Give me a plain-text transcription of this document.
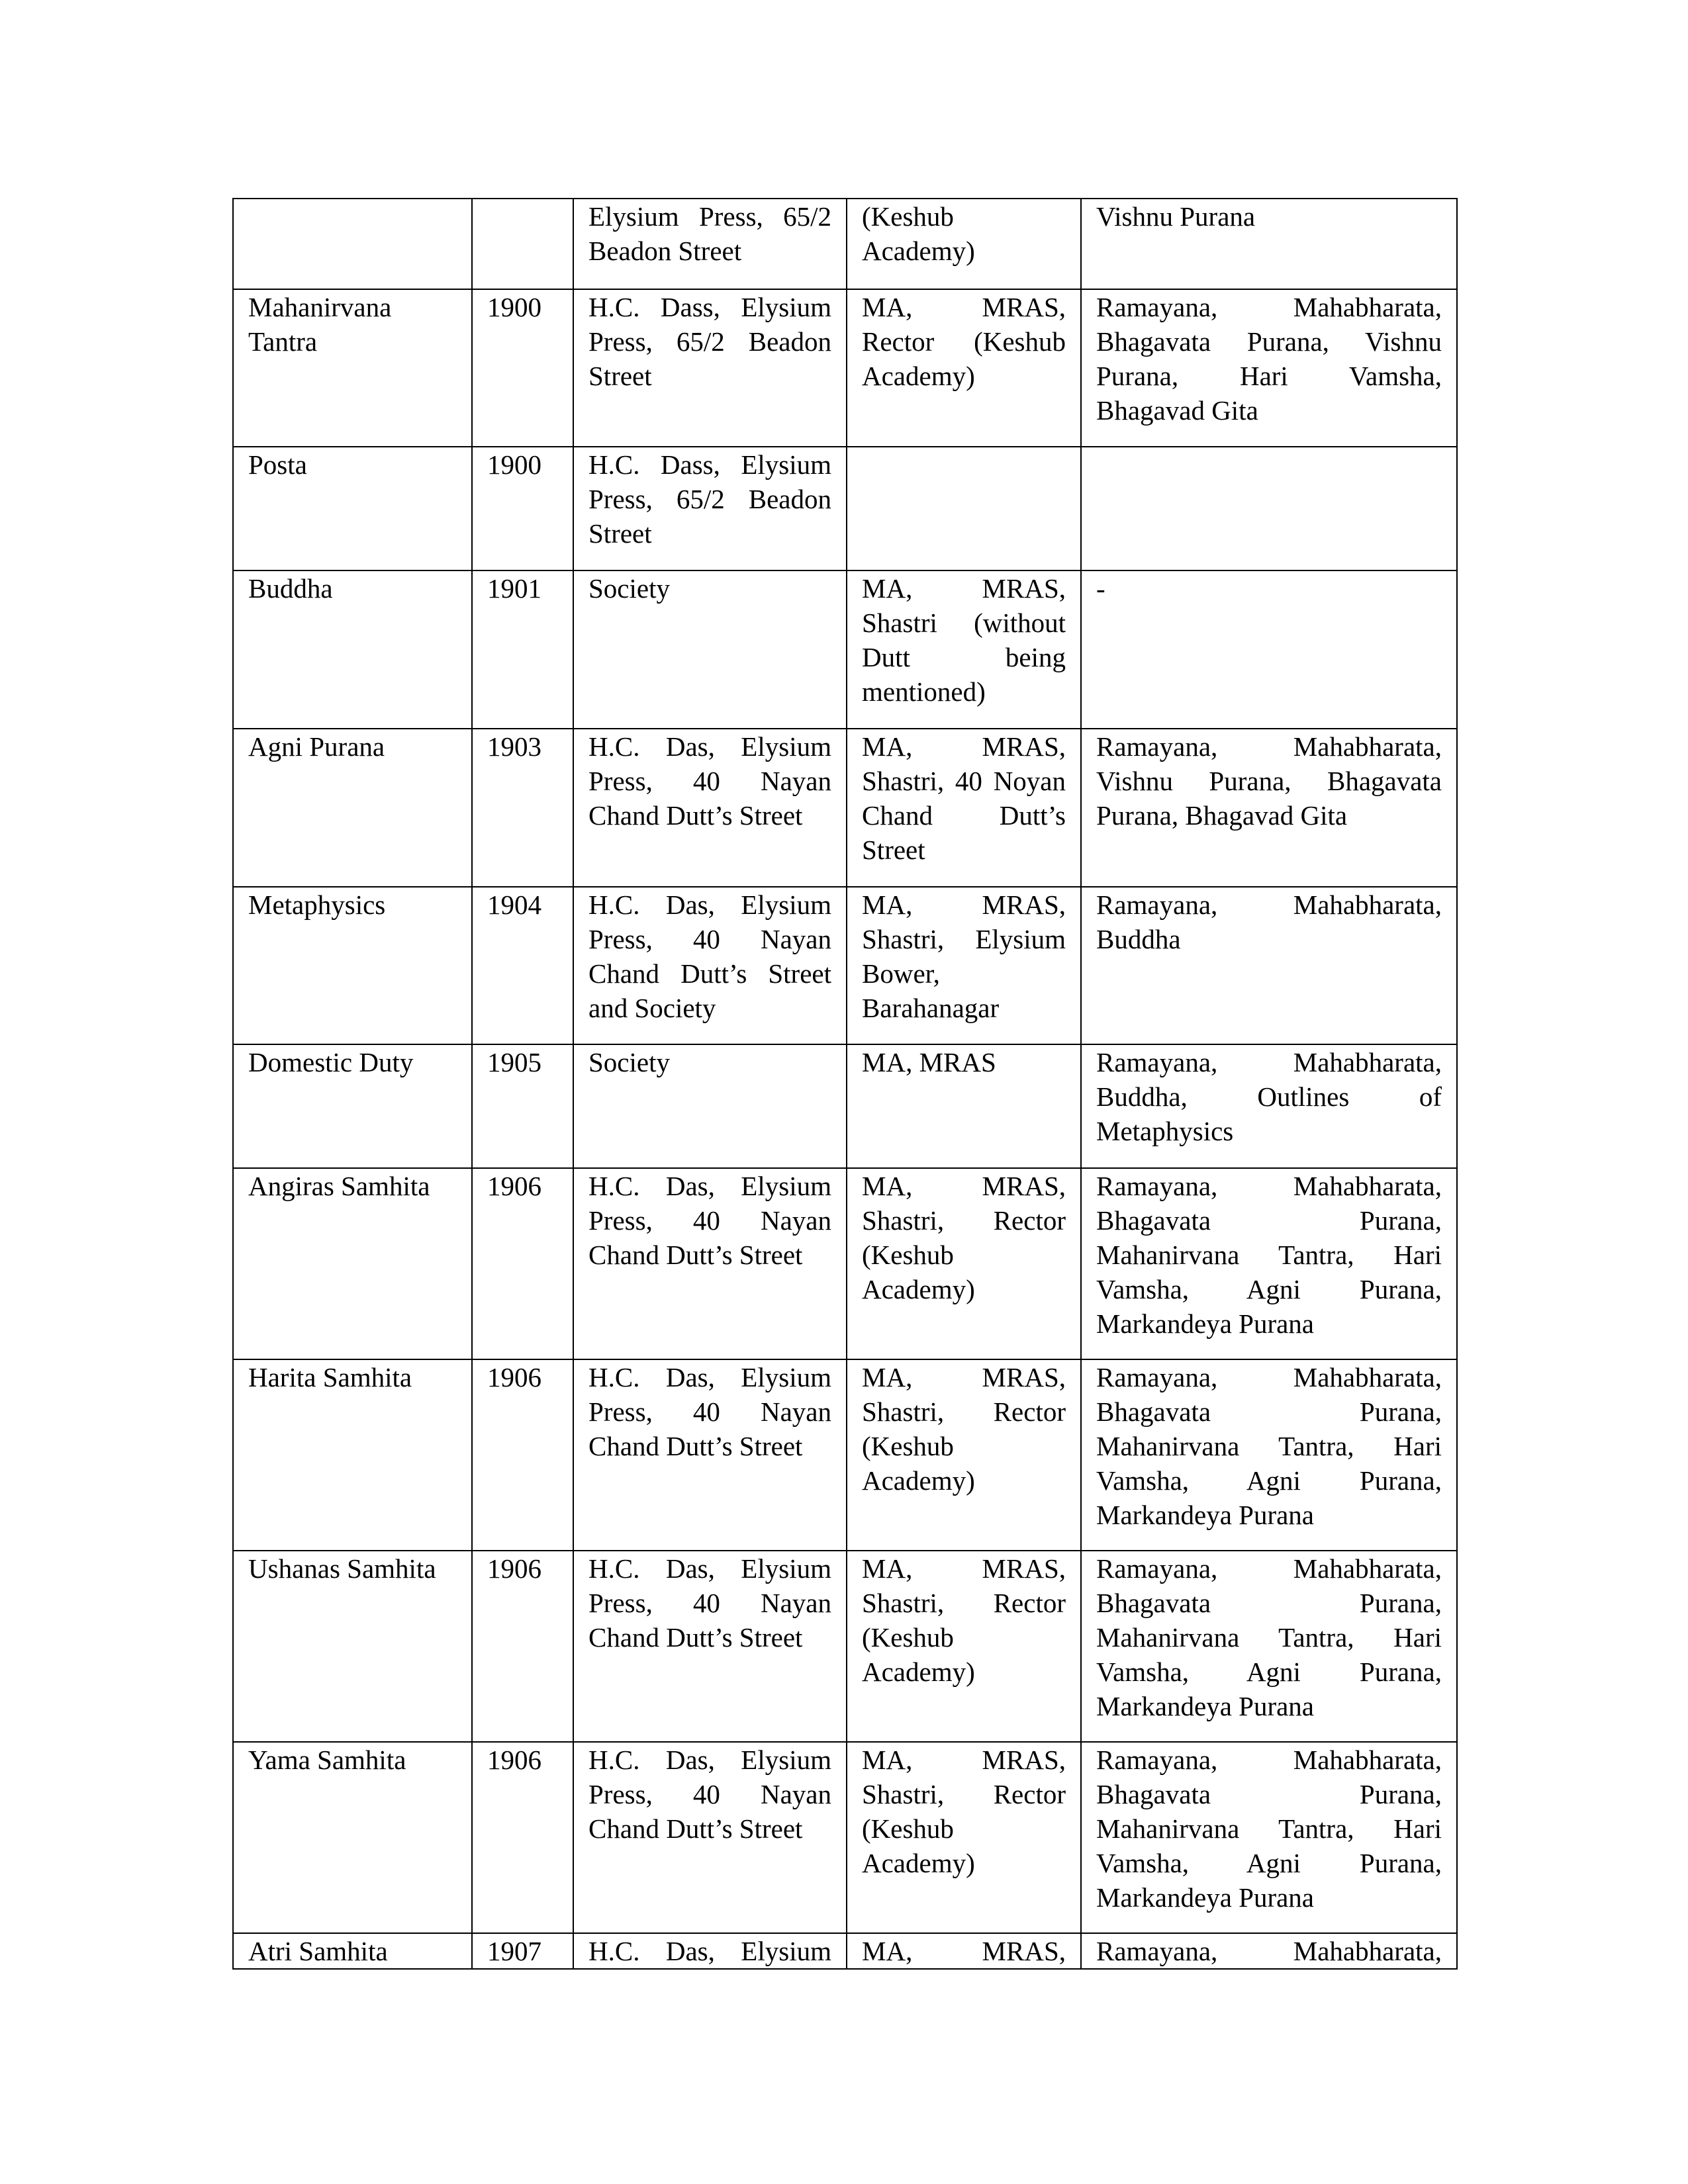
		Elysium Press, 65/2 Beadon Street	(Keshub Academy)	Vishnu Purana
Mahanirvana Tantra	1900	H.C. Dass, Elysium Press, 65/2 Beadon Street	MA, MRAS, Rector (Keshub Academy)	Ramayana, Mahabharata, Bhagavata Purana, Vishnu Purana, Hari Vamsha, Bhagavad Gita
Posta	1900	H.C. Dass, Elysium Press, 65/2 Beadon Street		
Buddha	1901	Society	MA, MRAS, Shastri (without Dutt being mentioned)	-
Agni Purana	1903	H.C. Das, Elysium Press, 40 Nayan Chand Dutt’s Street	MA, MRAS, Shastri, 40 Noyan Chand Dutt’s Street	Ramayana, Mahabharata, Vishnu Purana, Bhagavata Purana, Bhagavad Gita
Metaphysics	1904	H.C. Das, Elysium Press, 40 Nayan Chand Dutt’s Street and Society	MA, MRAS, Shastri, Elysium Bower, Barahanagar	Ramayana, Mahabharata, Buddha
Domestic Duty	1905	Society	MA, MRAS	Ramayana, Mahabharata, Buddha, Outlines of Metaphysics
Angiras Samhita	1906	H.C. Das, Elysium Press, 40 Nayan Chand Dutt’s Street	MA, MRAS, Shastri, Rector (Keshub Academy)	Ramayana, Mahabharata, Bhagavata Purana, Mahanirvana Tantra, Hari Vamsha, Agni Purana, Markandeya Purana
Harita Samhita	1906	H.C. Das, Elysium Press, 40 Nayan Chand Dutt’s Street	MA, MRAS, Shastri, Rector (Keshub Academy)	Ramayana, Mahabharata, Bhagavata Purana, Mahanirvana Tantra, Hari Vamsha, Agni Purana, Markandeya Purana
Ushanas Samhita	1906	H.C. Das, Elysium Press, 40 Nayan Chand Dutt’s Street	MA, MRAS, Shastri, Rector (Keshub Academy)	Ramayana, Mahabharata, Bhagavata Purana, Mahanirvana Tantra, Hari Vamsha, Agni Purana, Markandeya Purana
Yama Samhita	1906	H.C. Das, Elysium Press, 40 Nayan Chand Dutt’s Street	MA, MRAS, Shastri, Rector (Keshub Academy)	Ramayana, Mahabharata, Bhagavata Purana, Mahanirvana Tantra, Hari Vamsha, Agni Purana, Markandeya Purana
Atri Samhita	1907	H.C. Das, Elysium	MA, MRAS,	Ramayana, Mahabharata,
